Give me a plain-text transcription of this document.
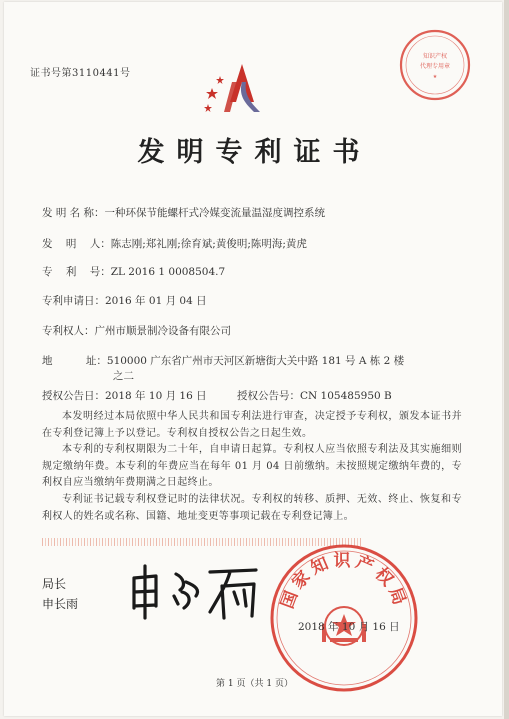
证书号第3110441号
知识产权
代理专用章
★
发明专利证书
发 明 名 称：一种环保节能螺杆式冷媒变流量温湿度调控系统
发    明    人：陈志刚;郑礼刚;徐育斌;黄俊明;陈明海;黄虎
专    利    号：ZL 2016 1 0008504.7
专利申请日：2016 年 01 月 04 日
专利权人：广州市顺景制冷设备有限公司
地          址：510000 广东省广州市天河区新塘街大关中路 181 号 A 栋 2 楼
之二
授权公告日：2018 年 10 月 16 日	授权公告号：CN 105485950 B
本发明经过本局依照中华人民共和国专利法进行审查，决定授予专利权，颁发本证书并在专利登记簿上予以登记。专利权自授权公告之日起生效。
本专利的专利权期限为二十年，自申请日起算。专利权人应当依照专利法及其实施细则规定缴纳年费。本专利的年费应当在每年 01 月 04 日前缴纳。未按照规定缴纳年费的，专利权自应当缴纳年费期满之日起终止。
专利证书记载专利权登记时的法律状况。专利权的转移、质押、无效、终止、恢复和专利权人的姓名或名称、国籍、地址变更等事项记载在专利登记簿上。
局长
申长雨	国家知识产权局
2018 年 10 月 16 日
第 1 页（共 1 页）
